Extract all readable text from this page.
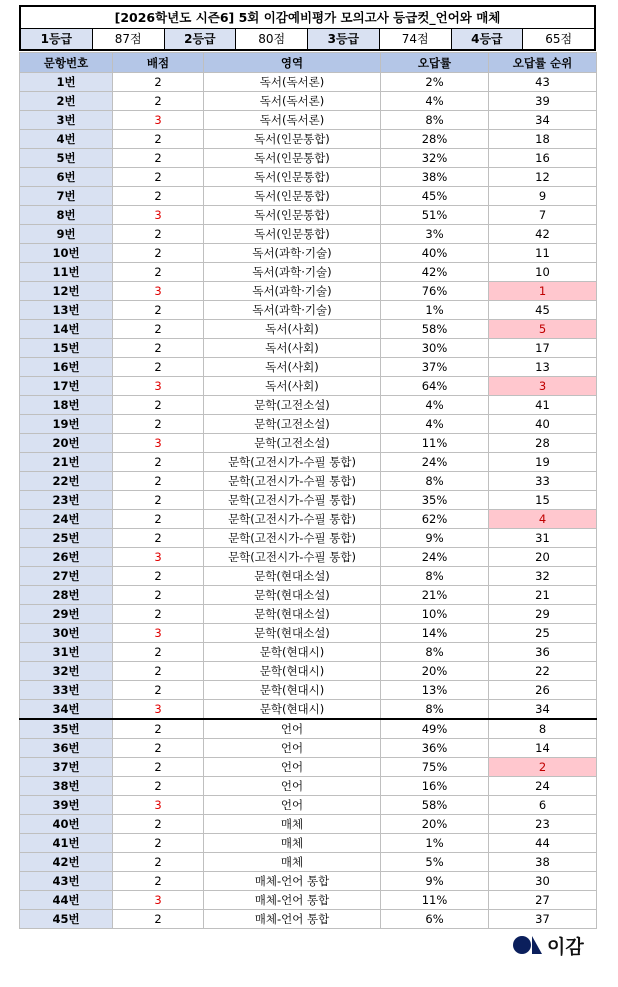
[2026학년도 시즌6] 5회 이감예비평가 모의고사 등급컷_언어와 매체
1등급	87점	2등급	80점	3등급	74점	4등급	65점
문항번호	배점	영역	오답률	오답률 순위
1번	2	독서(독서론)	2%	43
2번	2	독서(독서론)	4%	39
3번	3	독서(독서론)	8%	34
4번	2	독서(인문통합)	28%	18
5번	2	독서(인문통합)	32%	16
6번	2	독서(인문통합)	38%	12
7번	2	독서(인문통합)	45%	9
8번	3	독서(인문통합)	51%	7
9번	2	독서(인문통합)	3%	42
10번	2	독서(과학·기술)	40%	11
11번	2	독서(과학·기술)	42%	10
12번	3	독서(과학·기술)	76%	1
13번	2	독서(과학·기술)	1%	45
14번	2	독서(사회)	58%	5
15번	2	독서(사회)	30%	17
16번	2	독서(사회)	37%	13
17번	3	독서(사회)	64%	3
18번	2	문학(고전소설)	4%	41
19번	2	문학(고전소설)	4%	40
20번	3	문학(고전소설)	11%	28
21번	2	문학(고전시가-수필 통합)	24%	19
22번	2	문학(고전시가-수필 통합)	8%	33
23번	2	문학(고전시가-수필 통합)	35%	15
24번	2	문학(고전시가-수필 통합)	62%	4
25번	2	문학(고전시가-수필 통합)	9%	31
26번	3	문학(고전시가-수필 통합)	24%	20
27번	2	문학(현대소설)	8%	32
28번	2	문학(현대소설)	21%	21
29번	2	문학(현대소설)	10%	29
30번	3	문학(현대소설)	14%	25
31번	2	문학(현대시)	8%	36
32번	2	문학(현대시)	20%	22
33번	2	문학(현대시)	13%	26
34번	3	문학(현대시)	8%	34
35번	2	언어	49%	8
36번	2	언어	36%	14
37번	2	언어	75%	2
38번	2	언어	16%	24
39번	3	언어	58%	6
40번	2	매체	20%	23
41번	2	매체	1%	44
42번	2	매체	5%	38
43번	2	매체-언어 통합	9%	30
44번	3	매체-언어 통합	11%	27
45번	2	매체-언어 통합	6%	37
이감
